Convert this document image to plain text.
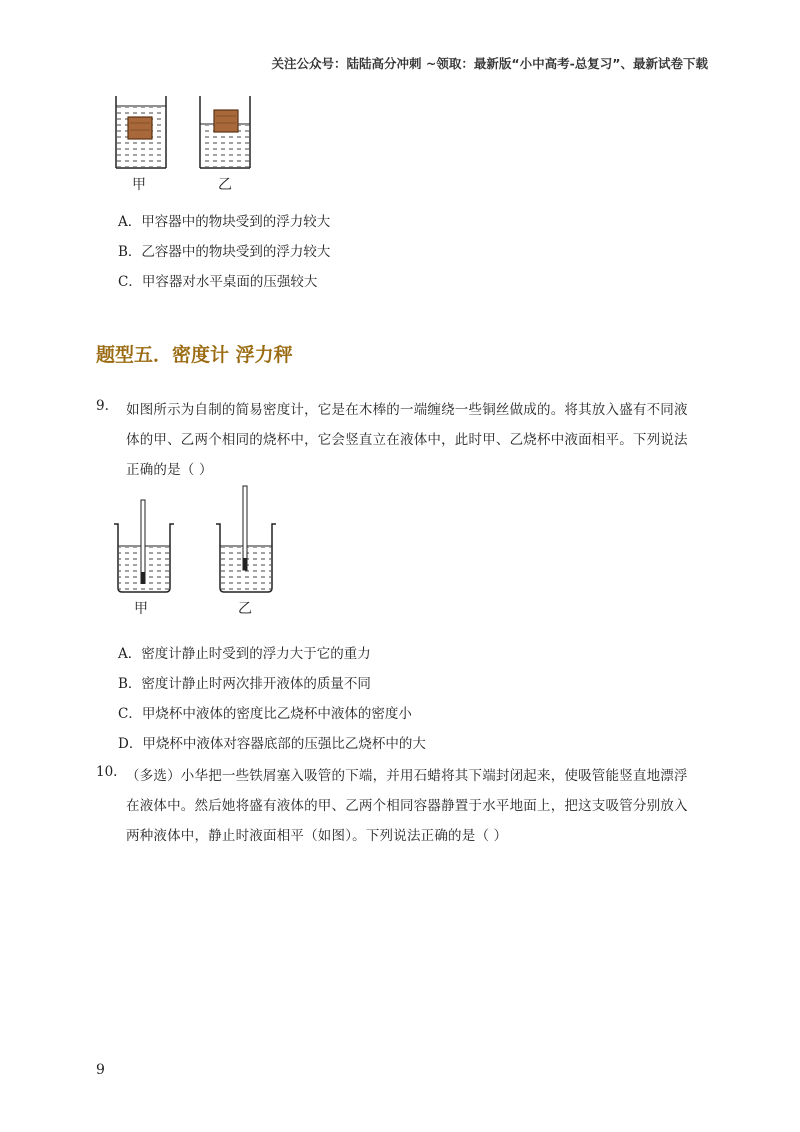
关注公众号：陆陆高分冲刺 ~领取：最新版“小中高考-总复习”、最新试卷下载
甲	乙
A．甲容器中的物块受到的浮力较大
B．乙容器中的物块受到的浮力较大
C．甲容器对水平桌面的压强较大
题型五．密度计 浮力秤
9. 如图所示为自制的简易密度计，它是在木棒的一端缠绕一些铜丝做成的。将其放入盛有不同液
体的甲、乙两个相同的烧杯中，它会竖直立在液体中，此时甲、乙烧杯中液面相平。下列说法
正确的是（ ）
甲	乙
A．密度计静止时受到的浮力大于它的重力
B．密度计静止时两次排开液体的质量不同
C．甲烧杯中液体的密度比乙烧杯中液体的密度小
D．甲烧杯中液体对容器底部的压强比乙烧杯中的大
10. （多选）小华把一些铁屑塞入吸管的下端，并用石蜡将其下端封闭起来，使吸管能竖直地漂浮
在液体中。然后她将盛有液体的甲、乙两个相同容器静置于水平地面上，把这支吸管分别放入
两种液体中，静止时液面相平（如图）。下列说法正确的是（ ）
9
